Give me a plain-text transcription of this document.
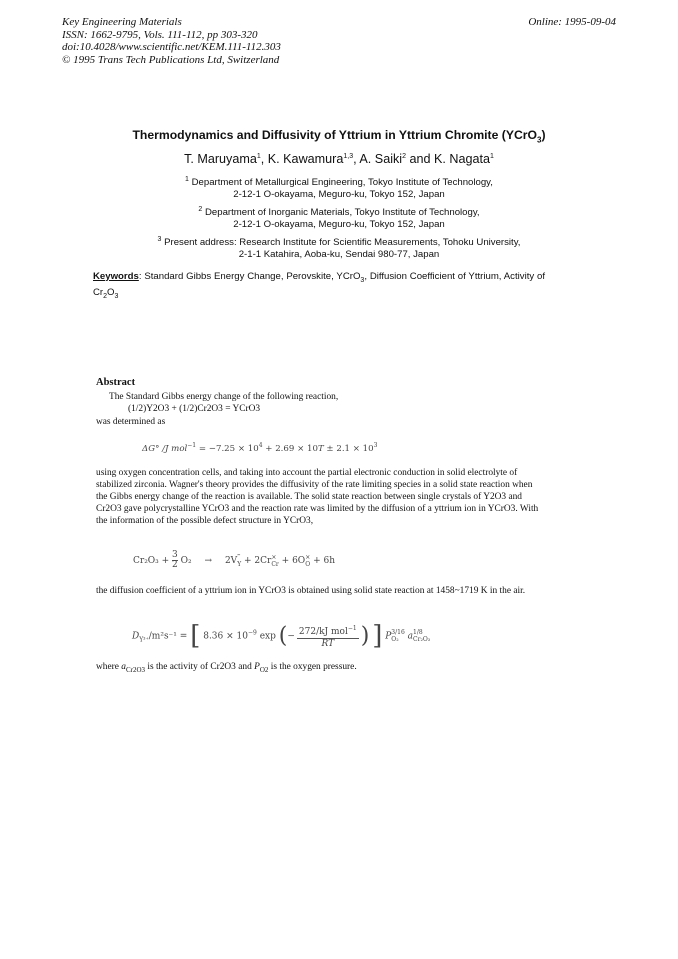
Key Engineering Materials
ISSN: 1662-9795, Vols. 111-112, pp 303-320
doi:10.4028/www.scientific.net/KEM.111-112.303
© 1995 Trans Tech Publications Ltd, Switzerland
Online: 1995-09-04
Thermodynamics and Diffusivity of Yttrium in Yttrium Chromite (YCrO$_3$)
T. Maruyama$^1$, K. Kawamura$^{1,3}$, A. Saiki$^2$ and K. Nagata$^1$
$^1$ Department of Metallurgical Engineering, Tokyo Institute of Technology,
2-12-1 O-okayama, Meguro-ku, Tokyo 152, Japan
$^2$ Department of Inorganic Materials, Tokyo Institute of Technology,
2-12-1 O-okayama, Meguro-ku, Tokyo 152, Japan
$^3$ Present address: Research Institute for Scientific Measurements, Tohoku University,
2-1-1 Katahira, Aoba-ku, Sendai 980-77, Japan
Keywords: Standard Gibbs Energy Change, Perovskite, YCrO$_3$, Diffusion Coefficient of Yttrium, Activity of $Cr_2O_3$
Abstract
The Standard Gibbs energy change of the following reaction,
(1/2)Y2O3 + (1/2)Cr2O3 = YCrO3
was determined as
ΔG° /J $mol^{-1} = -7.25 \times 10^4 + 2.69 \times 10T \pm 2.1 \times 10^3$
using oxygen concentration cells, and taking into account the partial electronic conduction in solid electrolyte of stabilized zirconia. Wagner's theory provides the diffusivity of the rate limiting species in a solid state reaction when the Gibbs energy change of the reaction is available. The solid state reaction between single crystals of Y2O3 and Cr2O3 gave polycrystalline YCrO3 and the reaction rate was limited by the diffusion of a yttrium ion in YCrO3. With the information of the possible defect structure in YCrO3,
$Cr_2O_3 + \frac{3}{2} O_2 \to 2V$ ‴
Y + 2Cr ×
Cr + 6O ×
O + 6h
the diffusion coefficient of a yttrium ion in YCrO3 is obtained using solid state reaction at 1458~1719 K in the air.
$D_{Y^{3+}}/m^2s^{-1}$ = [ $8.36 \times 10^{-9}$ exp (− 272/kJ mol$^{-1}$
RT	) ] P 3/16
O₂	a 1/8
Cr₂O₃
where $a_{Cr2O3}$ is the activity of Cr2O3 and $P_{O2}$ is the oxygen pressure.
